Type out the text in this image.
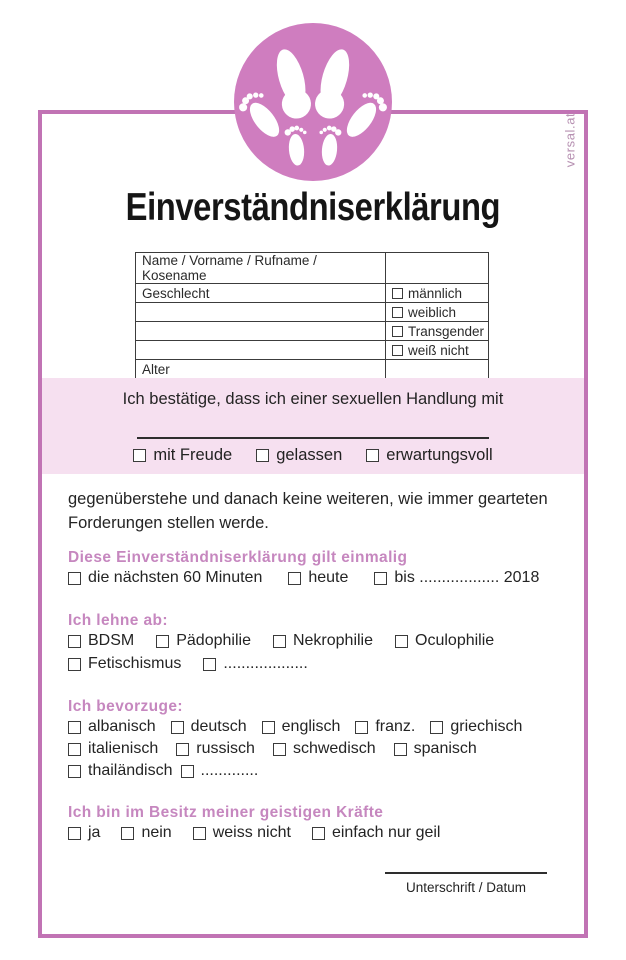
versal.at
Einverständniserklärung
Name / Vorname / Rufname / Kosename	
Geschlecht	männlich
	weiblich
	Transgender
	weiß nicht
Alter	
Ich bestätige, dass ich einer sexuellen Handlung mit
mit Freude	gelassen	erwartungsvoll
gegenüberstehe und danach keine weiteren, wie immer gearteten Forderungen stellen werde.
Diese Einverständniserklärung gilt einmalig
die nächsten 60 Minuten	heute	bis .................. 2018
Ich lehne ab:
BDSM	Pädophilie	Nekrophilie	Oculophilie
Fetischismus	...................
Ich bevorzuge:
albanisch deutsch englisch franz. griechisch
italienisch russisch schwedisch spanisch
thailändisch .............
Ich bin im Besitz meiner geistigen Kräfte
ja	nein	weiss nicht	einfach nur geil
Unterschrift / Datum
